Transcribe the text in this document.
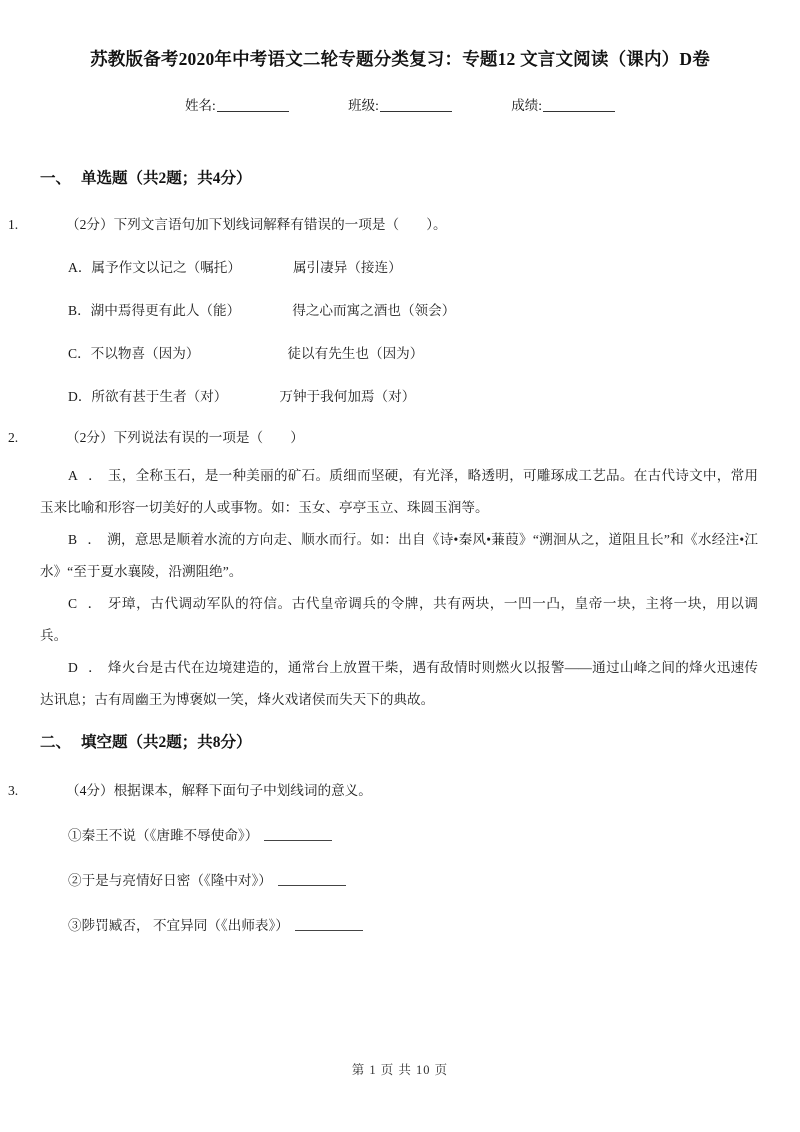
苏教版备考2020年中考语文二轮专题分类复习：专题12 文言文阅读（课内）D卷
姓名:	班级:	成绩:
一、 单选题（共2题；共4分）
1.	（2分）下列文言语句加下划线词解释有错误的一项是（　　）。
A．属予作文以记之（嘱托）	属引凄异（接连）
B．湖中焉得更有此人（能）	得之心而寓之酒也（领会）
C．不以物喜（因为）	徒以有先生也（因为）
D．所欲有甚于生者（对）	万钟于我何加焉（对）
2.	（2分）下列说法有误的一项是（　　）
A ． 玉，全称玉石，是一种美丽的矿石。质细而坚硬，有光泽，略透明，可雕琢成工艺品。在古代诗文中，常用玉来比喻和形容一切美好的人或事物。如：玉女、亭亭玉立、珠圆玉润等。
B ． 溯，意思是顺着水流的方向走、顺水而行。如：出自《诗•秦风•蒹葭》“溯洄从之，道阻且长”和《水经注•江水》“至于夏水襄陵，沿溯阻绝”。
C ． 牙璋，古代调动军队的符信。古代皇帝调兵的令牌，共有两块，一凹一凸，皇帝一块，主将一块，用以调兵。
D ． 烽火台是古代在边境建造的，通常台上放置干柴，遇有敌情时则燃火以报警——通过山峰之间的烽火迅速传达讯息；古有周幽王为博褒姒一笑，烽火戏诸侯而失天下的典故。
二、 填空题（共2题；共8分）
3.	（4分）根据课本，解释下面句子中划线词的意义。
①秦王不说（《唐雎不辱使命》）
②于是与亮情好日密（《隆中对》）
③陟罚臧否， 不宜异同（《出师表》）
第 1 页 共 10 页
